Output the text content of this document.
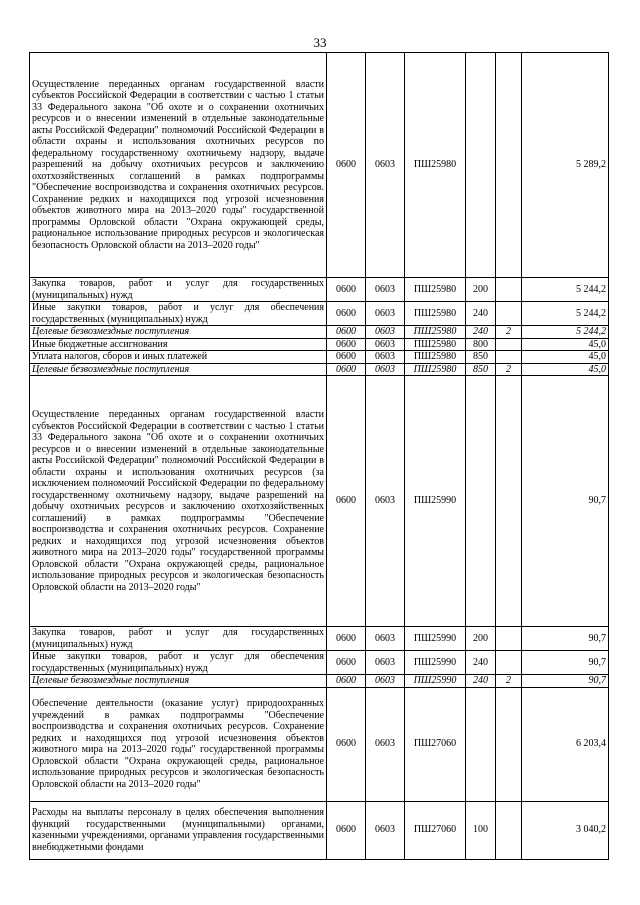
33
Осуществление переданных органам государственной власти субъектов Российской Федерации в соответствии с частью 1 статьи 33 Федерального закона "Об охоте и о сохранении охотничьих ресурсов и о внесении изменений в отдельные законодательные акты Российской Федерации" полномочий Российской Федерации в области охраны и использования охотничьих ресурсов по федеральному государственному охотничьему надзору, выдаче разрешений на добычу охотничьих ресурсов и заключению охотхозяйственных соглашений в рамках подпрограммы "Обеспечение воспроизводства и сохранения охотничьих ресурсов. Сохранение редких и находящихся под угрозой исчезновения объектов животного мира на 2013–2020 годы" государственной программы Орловской области "Охрана окружающей среды, рациональное использование природных ресурсов и экологическая безопасность Орловской области на 2013–2020 годы"	0600	0603	ПШ25980			5 289,2
Закупка товаров, работ и услуг для государственных (муниципальных) нужд	0600	0603	ПШ25980	200		5 244,2
Иные закупки товаров, работ и услуг для обеспечения государственных (муниципальных) нужд	0600	0603	ПШ25980	240		5 244,2
Целевые безвозмездные поступления	0600	0603	ПШ25980	240	2	5 244,2
Иные бюджетные ассигнования	0600	0603	ПШ25980	800		45,0
Уплата налогов, сборов и иных платежей	0600	0603	ПШ25980	850		45,0
Целевые безвозмездные поступления	0600	0603	ПШ25980	850	2	45,0
Осуществление переданных органам государственной власти субъектов Российской Федерации в соответствии с частью 1 статьи 33 Федерального закона "Об охоте и о сохранении охотничьих ресурсов и о внесении изменений в отдельные законодательные акты Российской Федерации" полномочий Российской Федерации в области охраны и использования охотничьих ресурсов (за исключением полномочий Российской Федерации по федеральному государственному охотничьему надзору, выдаче разрешений на добычу охотничьих ресурсов и заключению охотхозяйственных соглашений) в рамках подпрограммы "Обеспечение воспроизводства и сохранения охотничьих ресурсов. Сохранение редких и находящихся под угрозой исчезновения объектов животного мира на 2013–2020 годы" государственной программы Орловской области "Охрана окружающей среды, рациональное использование природных ресурсов и экологическая безопасность Орловской области на 2013–2020 годы"	0600	0603	ПШ25990			90,7
Закупка товаров, работ и услуг для государственных (муниципальных) нужд	0600	0603	ПШ25990	200		90,7
Иные закупки товаров, работ и услуг для обеспечения государственных (муниципальных) нужд	0600	0603	ПШ25990	240		90,7
Целевые безвозмездные поступления	0600	0603	ПШ25990	240	2	90,7
Обеспечение деятельности (оказание услуг) природоохранных учреждений в рамках подпрограммы "Обеспечение воспроизводства и сохранения охотничьих ресурсов. Сохранение редких и находящихся под угрозой исчезновения объектов животного мира на 2013–2020 годы" государственной программы Орловской области "Охрана окружающей среды, рациональное использование природных ресурсов и экологическая безопасность Орловской области на 2013–2020 годы"	0600	0603	ПШ27060			6 203,4
Расходы на выплаты персоналу в целях обеспечения выполнения функций государственными (муниципальными) органами, казенными учреждениями, органами управления государственными внебюджетными фондами	0600	0603	ПШ27060	100		3 040,2
